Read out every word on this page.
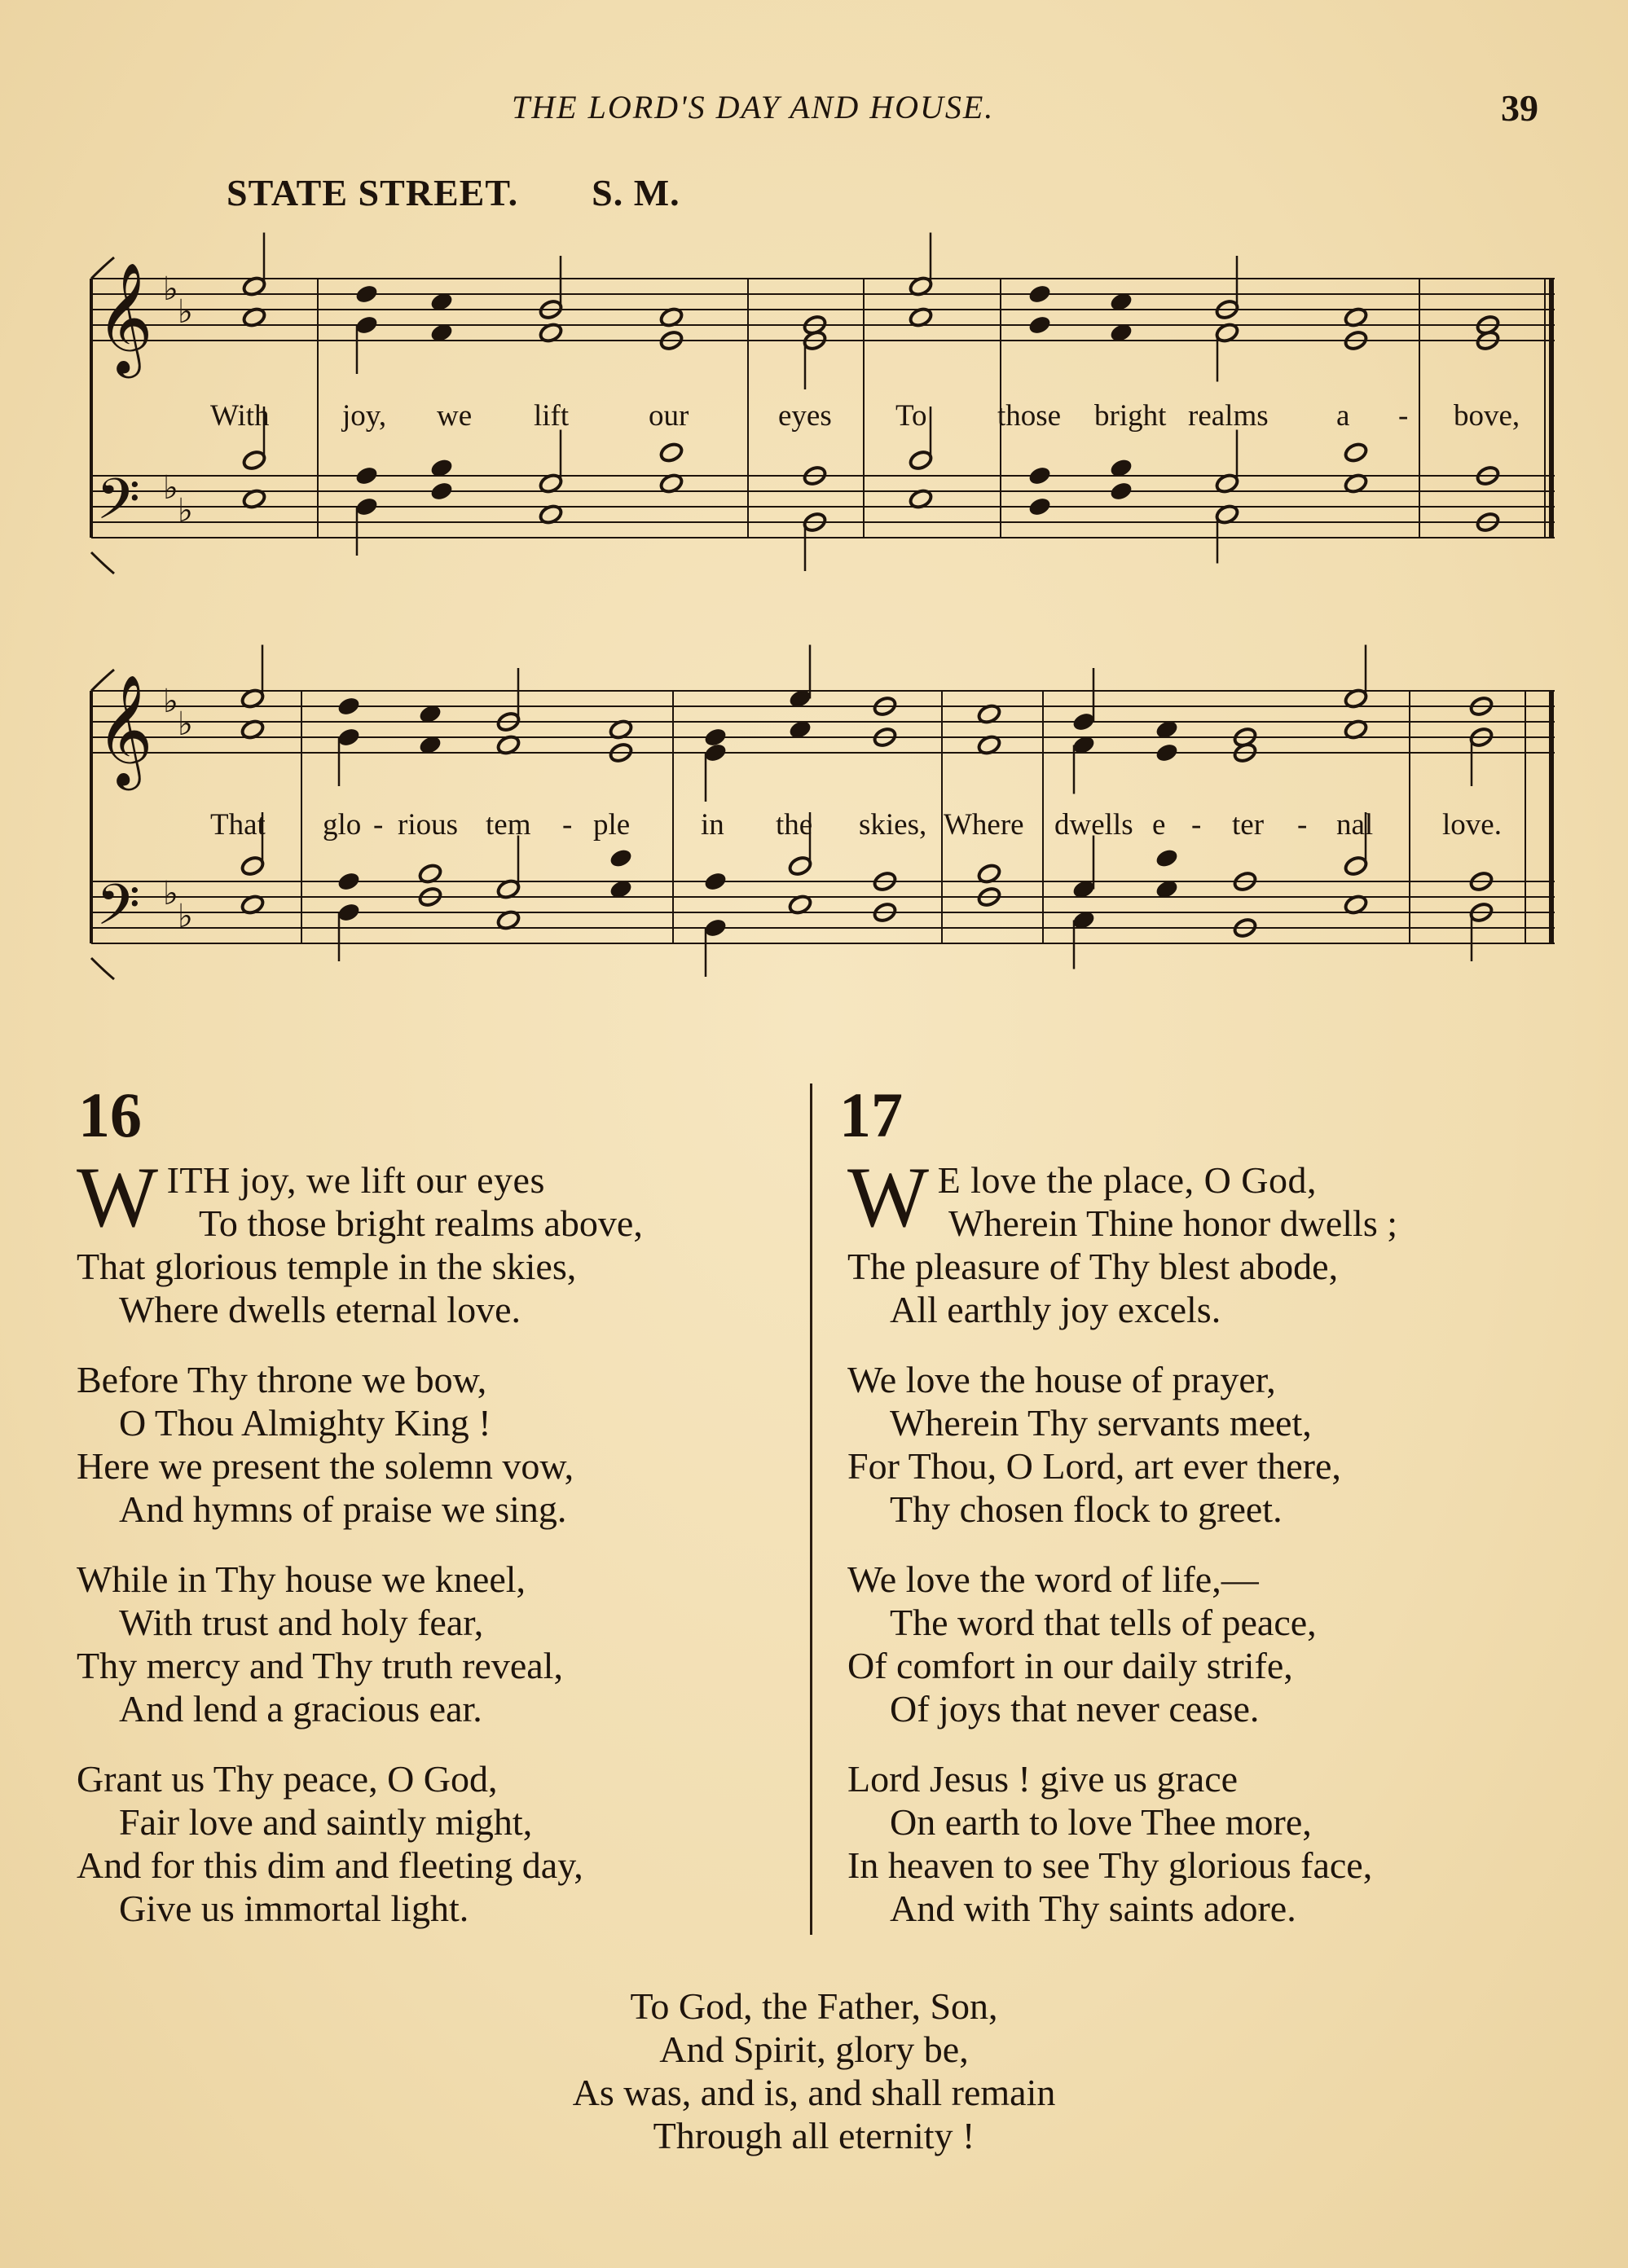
THE LORD'S DAY AND HOUSE.	39
STATE STREET. S. M.
𝄞
𝄢
𝄞
𝄢
♭
♭
♭
♭
♭
♭
♭
♭
With joy, we lift	our	eyes To those bright realms a - bove,
That glo - rious tem - ple in the skies, Where dwells e - ter - nal love.
16
WITH joy, we lift our eyes
To those bright realms above,
That glorious temple in the skies,
Where dwells eternal love.
Before Thy throne we bow,
O Thou Almighty King !
Here we present the solemn vow,
And hymns of praise we sing.
While in Thy house we kneel,
With trust and holy fear,
Thy mercy and Thy truth reveal,
And lend a gracious ear.
Grant us Thy peace, O God,
Fair love and saintly might,
And for this dim and fleeting day,
Give us immortal light.
17
W E love the place, O God,
Wherein Thine honor dwells ;
The pleasure of Thy blest abode,
All earthly joy excels.
We love the house of prayer,
Wherein Thy servants meet,
For Thou, O Lord, art ever there,
Thy chosen flock to greet.
We love the word of life,—
The word that tells of peace,
Of comfort in our daily strife,
Of joys that never cease.
Lord Jesus ! give us grace
On earth to love Thee more,
In heaven to see Thy glorious face,
And with Thy saints adore.
To God, the Father, Son,
And Spirit, glory be,
As was, and is, and shall remain
Through all eternity !
